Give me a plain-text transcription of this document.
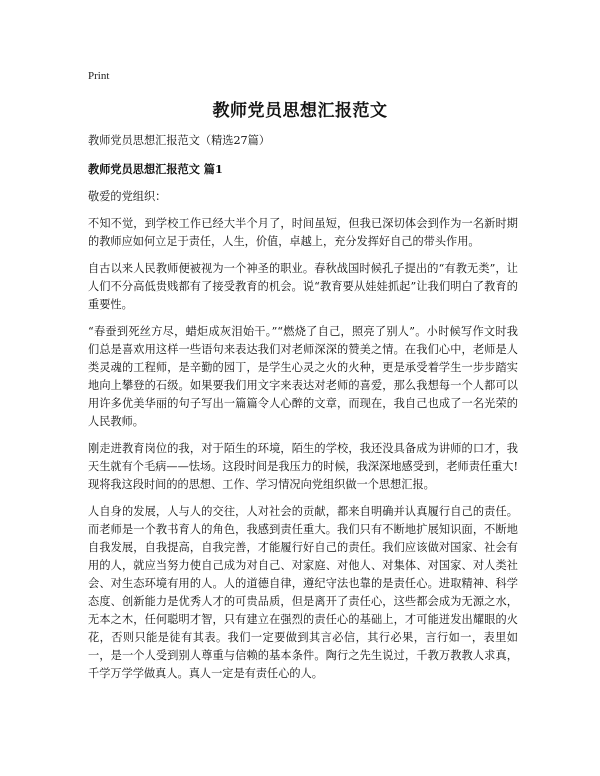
Print
教师党员思想汇报范文
教师党员思想汇报范文（精选27篇）
教师党员思想汇报范文 篇1
敬爱的党组织：
不知不觉，到学校工作已经大半个月了，时间虽短，但我已深切体会到作为一名新时期的教师应如何立足于责任，人生，价值，卓越上，充分发挥好自己的带头作用。
自古以来人民教师便被视为一个神圣的职业。春秋战国时候孔子提出的“有教无类”，让人们不分高低贵贱都有了接受教育的机会。说“教育要从娃娃抓起”让我们明白了教育的重要性。
“春蚕到死丝方尽，蜡炬成灰泪始干。”“燃烧了自己，照亮了别人”。小时候写作文时我们总是喜欢用这样一些语句来表达我们对老师深深的赞美之情。在我们心中，老师是人类灵魂的工程师，是辛勤的园丁，是学生心灵之火的火种，更是承受着学生一步步踏实地向上攀登的石级。如果要我们用文字来表达对老师的喜爱，那么我想每一个人都可以用许多优美华丽的句子写出一篇篇令人心醉的文章，而现在，我自己也成了一名光荣的人民教师。
刚走进教育岗位的我，对于陌生的环境，陌生的学校，我还没具备成为讲师的口才，我天生就有个毛病——怯场。这段时间是我压力的时候，我深深地感受到，老师责任重大!现将我这段时间的的思想、工作、学习情况向党组织做一个思想汇报。
人自身的发展，人与人的交往，人对社会的贡献，都来自明确并认真履行自己的责任。而老师是一个教书育人的角色，我感到责任重大。我们只有不断地扩展知识面，不断地自我发展，自我提高，自我完善，才能履行好自己的责任。我们应该做对国家、社会有用的人，就应当努力使自己成为对自己、对家庭、对他人、对集体、对国家、对人类社会、对生态环境有用的人。人的道德自律，遵纪守法也靠的是责任心。进取精神、科学态度、创新能力是优秀人才的可贵品质，但是离开了责任心，这些都会成为无源之水，无本之木，任何聪明才智，只有建立在强烈的责任心的基础上，才可能迸发出耀眼的火花，否则只能是徒有其表。我们一定要做到其言必信，其行必果，言行如一，表里如一，是一个人受到别人尊重与信赖的基本条件。陶行之先生说过，千教万教教人求真，千学万学学做真人。真人一定是有责任心的人。
